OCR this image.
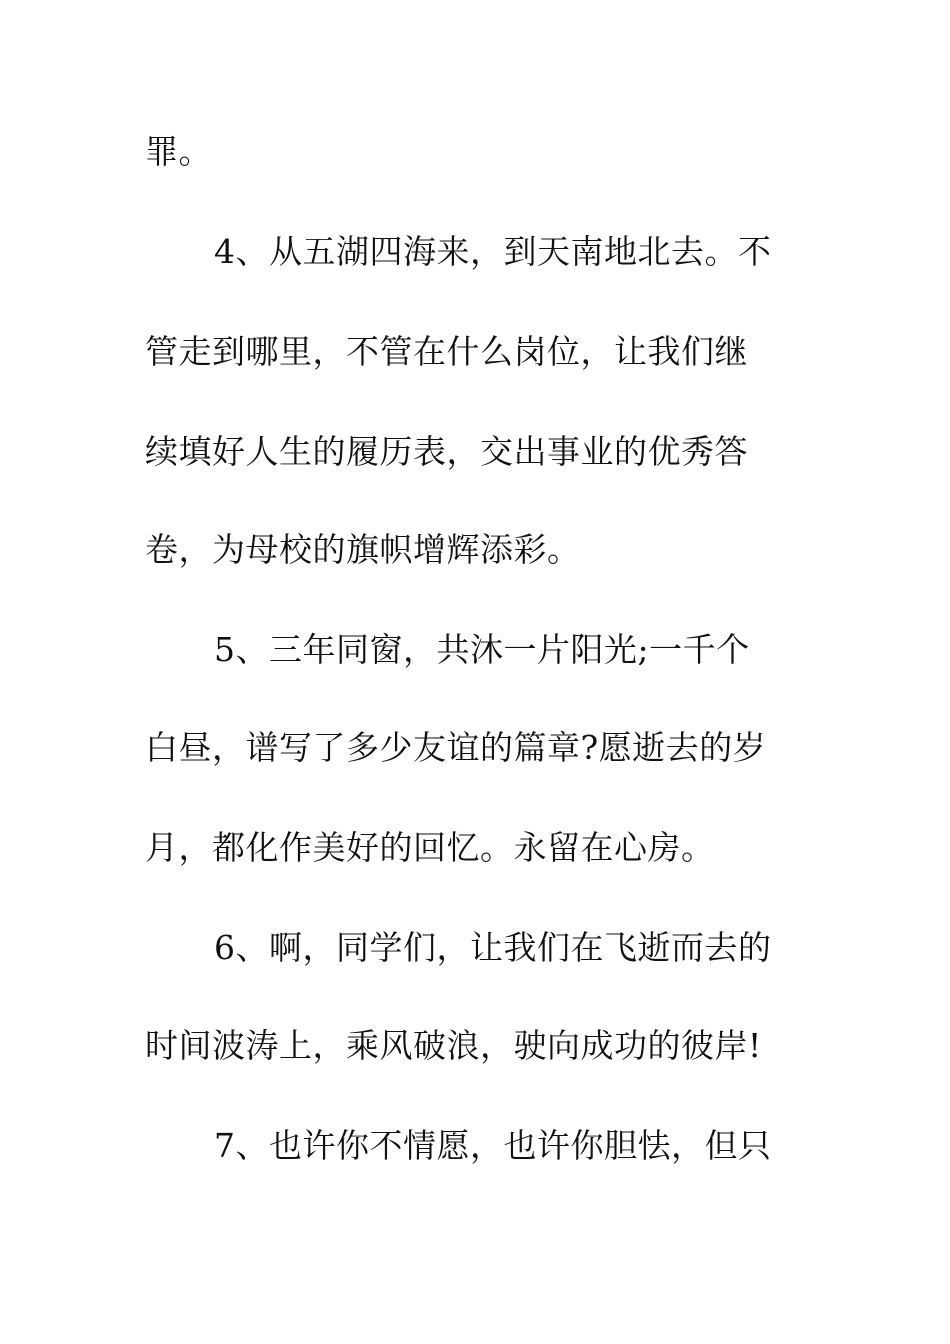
罪。
4、从五湖四海来，到天南地北去。不
管走到哪里，不管在什么岗位，让我们继
续填好人生的履历表，交出事业的优秀答
卷，为母校的旗帜增辉添彩。
5、三年同窗，共沐一片阳光;一千个
白昼，谱写了多少友谊的篇章?愿逝去的岁
月，都化作美好的回忆。永留在心房。
6、啊，同学们，让我们在飞逝而去的
时间波涛上，乘风破浪，驶向成功的彼岸!
7、也许你不情愿，也许你胆怯，但只
